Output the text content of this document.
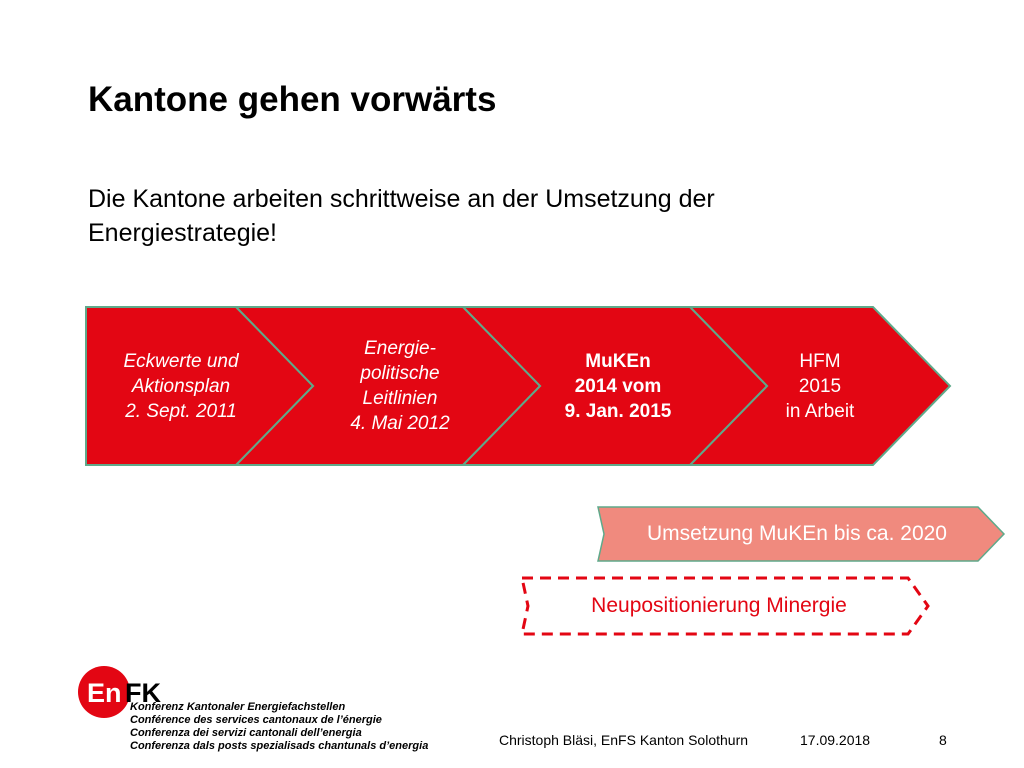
Kantone gehen vorwärts

Die Kantone arbeiten schrittweise an der Umsetzung der Energiestrategie!

Eckwerte und
Aktionsplan
2. Sept. 2011
Energie-
politische
Leitlinien
4. Mai 2012
MuKEn
2014 vom
9. Jan. 2015
HFM
2015
in Arbeit
Umsetzung MuKEn bis ca. 2020
Neupositionierung Minergie
En FK
Konferenz Kantonaler Energiefachstellen
Conférence des services cantonaux de l’énergie
Conferenza dei servizi cantonali dell’energia
Conferenza dals posts spezialisads chantunals d’energia	Christoph Bläsi, EnFS Kanton Solothurn	17.09.2018	8
